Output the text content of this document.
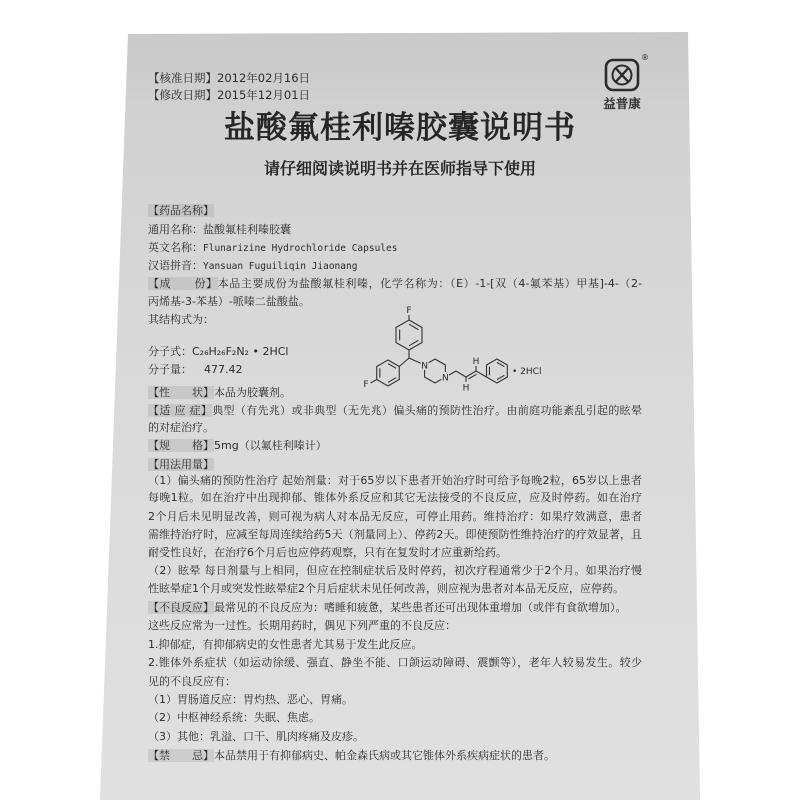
【核准日期】2012年02月16日
【修改日期】2015年12月01日
®
益普康
盐酸氟桂利嗪胶囊说明书
请仔细阅读说明书并在医师指导下使用
【药品名称】
通用名称：盐酸氟桂利嗪胶囊
英文名称：Flunarizine Hydrochloride Capsules
汉语拼音：Yansuan Fuguiliqin Jiaonang
【成　　份】本品主要成份为盐酸氟桂利嗪，化学名称为：（E）-1-[双（4-氟苯基）甲基]-4-（2-
丙烯基-3-苯基）-哌嗪二盐酸盐。
其结构式为：
F
F
N
N
H
H
• 2HCl
分子式：C₂₆H₂₆F₂N₂ • 2HCl
分子量： 477.42
【性　　状】本品为胶囊剂。
【适 应 症】典型（有先兆）或非典型（无先兆）偏头痛的预防性治疗。由前庭功能紊乱引起的眩晕
的对症治疗。
【规　　格】5mg（以氟桂利嗪计）
【用法用量】
（1）偏头痛的预防性治疗 起始剂量：对于65岁以下患者开始治疗时可给予每晚2粒，65岁以上患者
每晚1粒。如在治疗中出现抑郁、锥体外系反应和其它无法接受的不良反应，应及时停药。如在治疗
2个月后未见明显改善，则可视为病人对本品无反应，可停止用药。维持治疗：如果疗效满意，患者
需维持治疗时，应减至每周连续给药5天（剂量同上）、停药2天。即使预防性维持治疗的疗效显著，且
耐受性良好，在治疗6个月后也应停药观察，只有在复发时才应重新给药。
（2）眩晕 每日剂量与上相同，但应在控制症状后及时停药，初次疗程通常少于2个月。如果治疗慢
性眩晕症1个月或突发性眩晕症2个月后症状未见任何改善，则应视为患者对本品无反应，应停药。
【不良反应】最常见的不良反应为：嗜睡和疲惫，某些患者还可出现体重增加（或伴有食欲增加）。
这些反应常为一过性。长期用药时，偶见下列严重的不良反应：
1.抑郁症，有抑郁病史的女性患者尤其易于发生此反应。
2.锥体外系症状（如运动徐缓、强直、静坐不能、口颌运动障碍、震颤等），老年人较易发生。较少
见的不良反应有：
（1）胃肠道反应：胃灼热、恶心、胃痛。
（2）中枢神经系统：失眠、焦虑。
（3）其他：乳溢、口干、肌肉疼痛及皮疹。
【禁　　忌】本品禁用于有抑郁病史、帕金森氏病或其它锥体外系疾病症状的患者。
